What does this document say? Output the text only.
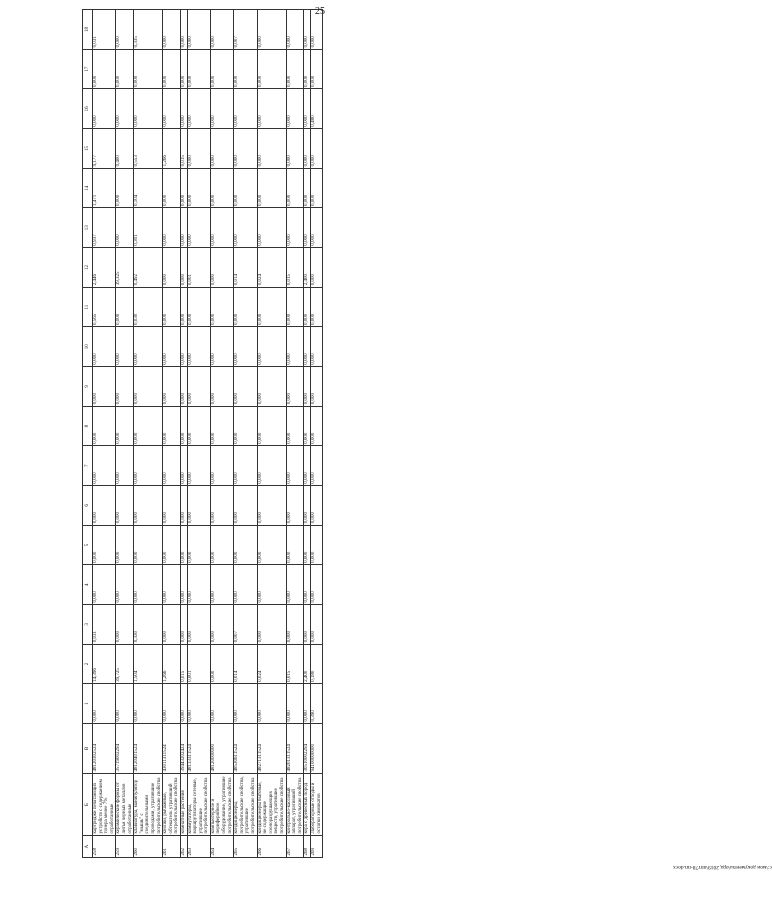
25
А	Б	В	1	2	3	4	5	6	7	8	9	10	11	12	13	14	15	16	17	18
258	картриджи печатающих устройств с содержанием тонера менее 7% отработанные	48120302524	0,000	14,396	0,031	0,000	0,000	0,000	0,000	0,000	0,000	0,000	0,565	2,446	0,937	1,471	9,177	0,000	0,000	0,031
259	керамические формы от литья черных металлов отработанные	35719002294	0,000	39,725	0,000	0,000	0,000	0,000	0,000	0,000	0,000	0,000	0,000	39,325	0,000	0,000	0,400	0,000	0,000	0,000
260	клавиатура, манипулятор "мышь" с соединительными проводами, утратившие потребительские свойства	48120401524	0,000	1,504	0,330	0,000	0,000	0,000	0,000	0,000	0,000	0,000	0,030	0,492	0,301	0,104	0,553	0,000	0,000	0,335
261	кнопки, рычажные, обтекатель утративший потребительские свойства	43011311524	0,000	1,266	0,000	0,000	0,000	0,000	0,000	0,000	0,000	0,000	0,000	0,000	0,000	0,000	1,266	0,000	0,000	0,000
262	комнатные растения	39443202424	0,000	0,015	0,000	0,000	0,000	0,000	0,000	0,000	0,000	0,000	0,000	0,000	0,000	0,000	0,015	0,000	0,000	0,000
263	коммутаторы, маршрутизаторы сетевые, утратившие потребительские свойства	48133311524	0,000	0,001	0,000	0,000	0,000	0,000	0,000	0,000	0,000	0,000	0,000	0,001	0,000	0,000	0,000	0,000	0,000	0,000
264	компьютерное и периферийное оборудование, утратившие потребительские свойства	48120000000	0,000	0,000	0,000	0,000	0,000	0,000	0,000	0,000	0,000	0,000	0,000	0,000	0,000	0,000	0,000	0,000	0,000	0,000
265	кондиционеры, потребительские свойства, утратившие потребительские свойства	48530611524	0,000	0,014	0,007	0,000	0,000	0,000	0,000	0,000	0,000	0,000	0,000	0,014	0,000	0,000	0,000	0,000	0,000	0,007
266	кондиционеры бытовые, не содержащие озоноразрушающих веществ, утратившие потребительские свойства	48271311524	0,000	0,024	0,000	0,000	0,000	0,000	0,000	0,000	0,000	0,000	0,000	0,024	0,000	0,000	0,000	0,000	0,000	0,000
267	контрольно-кассовый аппарат, утративший потребительские свойства	48201311524	0,000	0,015	0,000	0,000	0,000	0,000	0,000	0,000	0,000	0,000	0,000	0,015	0,000	0,000	0,000	0,000	0,000	0,000
268	кора с древесных пород	30510002294	0,000	2,400	0,000	0,000	0,000	0,000	0,000	0,000	0,000	0,000	0,000	2,400	0,000	0,000	0,000	0,000	0,000	0,000
269	Лабораторные отходы и остатки химикатов	94100000000	0,390	0,180	0,000	0,000	0,000	0,000	0,000	0,000	0,000	0,000	0,000	0,000	0,000	0,000	0,000	0,480	0,000	0,000
c:\мои документы\орд 2019\ппт78-пп.docx
